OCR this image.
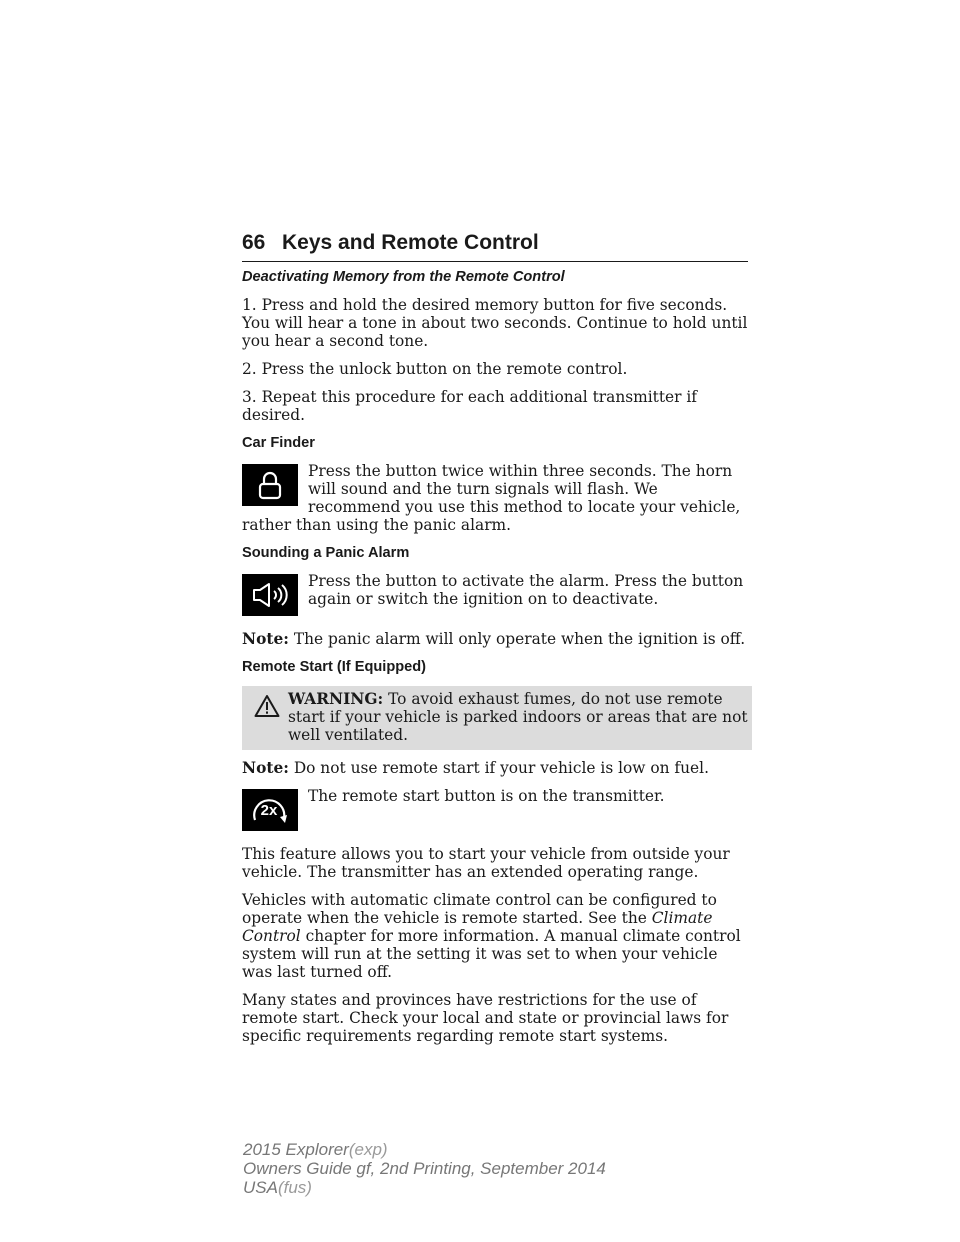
66 Keys and Remote Control
Deactivating Memory from the Remote Control

1. Press and hold the desired memory button for five seconds. You will hear a tone in about two seconds. Continue to hold until you hear a second tone.

2. Press the unlock button on the remote control.

3. Repeat this procedure for each additional transmitter if desired.

Car Finder
Press the button twice within three seconds. The horn will sound and the turn signals will flash. We recommend you use this method to locate your vehicle, rather than using the panic alarm.
Sounding a Panic Alarm
Press the button to activate the alarm. Press the button again or switch the ignition on to deactivate.

Note: The panic alarm will only operate when the ignition is off.

Remote Start (If Equipped)
WARNING: To avoid exhaust fumes, do not use remote start if your vehicle is parked indoors or areas that are not well ventilated.

Note: Do not use remote start if your vehicle is low on fuel.

2x
The remote start button is on the transmitter.

This feature allows you to start your vehicle from outside your vehicle. The transmitter has an extended operating range.

Vehicles with automatic climate control can be configured to operate when the vehicle is remote started. See the Climate Control chapter for more information. A manual climate control system will run at the setting it was set to when your vehicle was last turned off.

Many states and provinces have restrictions for the use of remote start. Check your local and state or provincial laws for specific requirements regarding remote start systems.

2015 Explorer(exp)
Owners Guide gf, 2nd Printing, September 2014
USA(fus)
